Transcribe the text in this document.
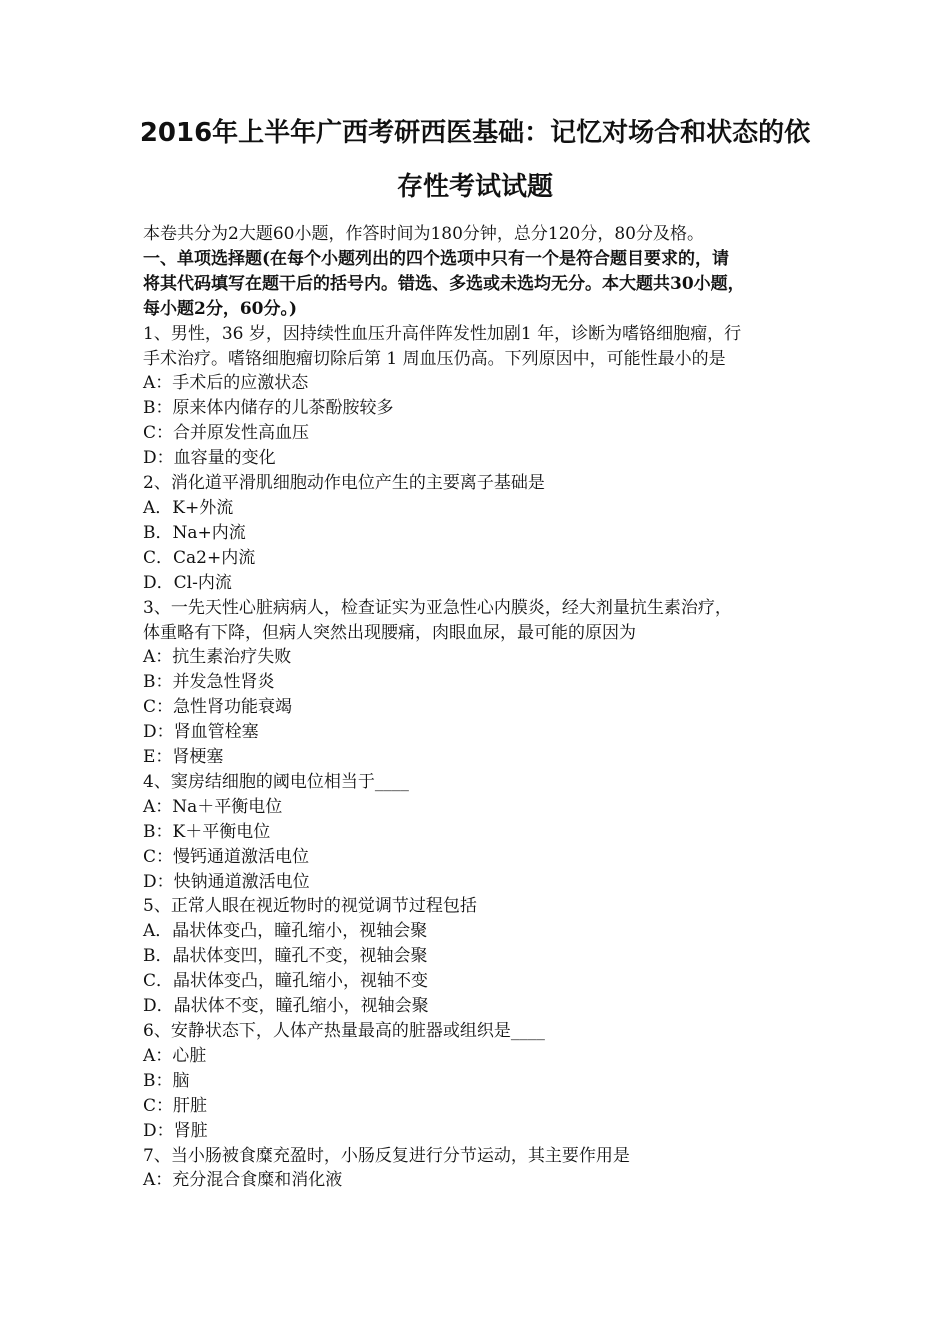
2016年上半年广西考研西医基础：记忆对场合和状态的依
存性考试试题

本卷共分为2大题60小题，作答时间为180分钟，总分120分，80分及格。

一、单项选择题(在每个小题列出的四个选项中只有一个是符合题目要求的，请

将其代码填写在题干后的括号内。错选、多选或未选均无分。本大题共30小题，

每小题2分，60分。)

1、男性，36 岁，因持续性血压升高伴阵发性加剧1 年，诊断为嗜铬细胞瘤，行

手术治疗。嗜铬细胞瘤切除后第 1 周血压仍高。下列原因中，可能性最小的是

A：手术后的应激状态

B：原来体内储存的儿茶酚胺较多

C：合并原发性高血压

D：血容量的变化

2、消化道平滑肌细胞动作电位产生的主要离子基础是

A．K+外流

B．Na+内流

C．Ca2+内流

D．Cl-内流

3、一先天性心脏病病人，检查证实为亚急性心内膜炎，经大剂量抗生素治疗，

体重略有下降，但病人突然出现腰痛，肉眼血尿，最可能的原因为

A：抗生素治疗失败

B：并发急性肾炎

C：急性肾功能衰竭

D：肾血管栓塞

E：肾梗塞

4、窦房结细胞的阈电位相当于____

A：Na＋平衡电位

B：K＋平衡电位

C：慢钙通道激活电位

D：快钠通道激活电位

5、正常人眼在视近物时的视觉调节过程包括

A．晶状体变凸，瞳孔缩小，视轴会聚

B．晶状体变凹，瞳孔不变，视轴会聚

C．晶状体变凸，瞳孔缩小，视轴不变

D．晶状体不变，瞳孔缩小，视轴会聚

6、安静状态下，人体产热量最高的脏器或组织是____

A：心脏

B：脑

C：肝脏

D：肾脏

7、当小肠被食糜充盈时，小肠反复进行分节运动，其主要作用是

A：充分混合食糜和消化液
